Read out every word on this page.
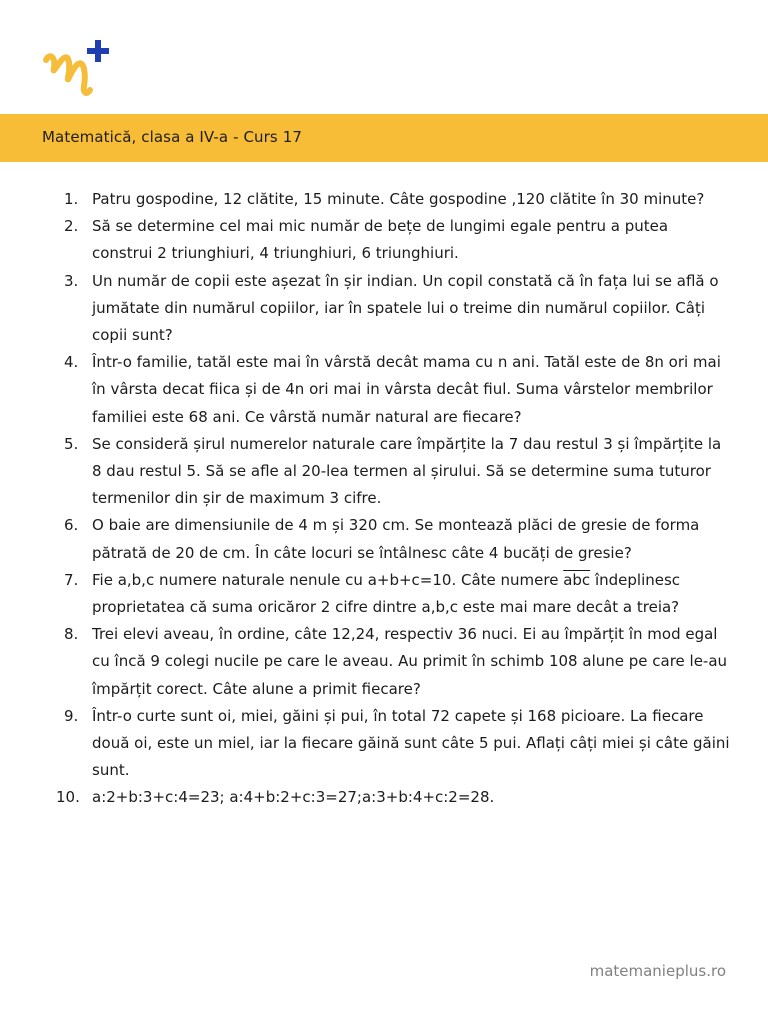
Matematică, clasa a IV-a - Curs 17
1. Patru gospodine, 12 clătite, 15 minute. Câte gospodine ,120 clătite în 30 minute?
2. Să se determine cel mai mic număr de bețe de lungimi egale pentru a putea construi 2 triunghiuri, 4 triunghiuri, 6 triunghiuri.
3. Un număr de copii este așezat în șir indian. Un copil constată că în fața lui se află o jumătate din numărul copiilor, iar în spatele lui o treime din numărul copiilor. Câți copii sunt?
4. Într-o familie, tatăl este mai în vârstă decât mama cu n ani. Tatăl este de 8n ori mai în vârsta decat fiica și de 4n ori mai in vârsta decât fiul. Suma vârstelor membrilor familiei este 68 ani. Ce vârstă număr natural are fiecare?
5. Se consideră șirul numerelor naturale care împărțite la 7 dau restul 3 și împărțite la 8 dau restul 5. Să se afle al 20-lea termen al șirului. Să se determine suma tuturor termenilor din șir de maximum 3 cifre.
6. O baie are dimensiunile de 4 m și 320 cm. Se montează plăci de gresie de forma pătrată de 20 de cm. În câte locuri se întâlnesc câte 4 bucăți de gresie?
7. Fie a,b,c numere naturale nenule cu a+b+c=10. Câte numere $\overline{abc}$ îndeplinesc proprietatea că suma oricăror 2 cifre dintre a,b,c este mai mare decât a treia?
8. Trei elevi aveau, în ordine, câte 12,24, respectiv 36 nuci. Ei au împărțit în mod egal cu încă 9 colegi nucile pe care le aveau. Au primit în schimb 108 alune pe care le-au împărțit corect. Câte alune a primit fiecare?
9. Într-o curte sunt oi, miei, găini și pui, în total 72 capete și 168 picioare. La fiecare două oi, este un miel, iar la fiecare găină sunt câte 5 pui. Aflați câți miei și câte găini sunt.
10. a:2+b:3+c:4=23; a:4+b:2+c:3=27;a:3+b:4+c:2=28.
matemanieplus.ro
